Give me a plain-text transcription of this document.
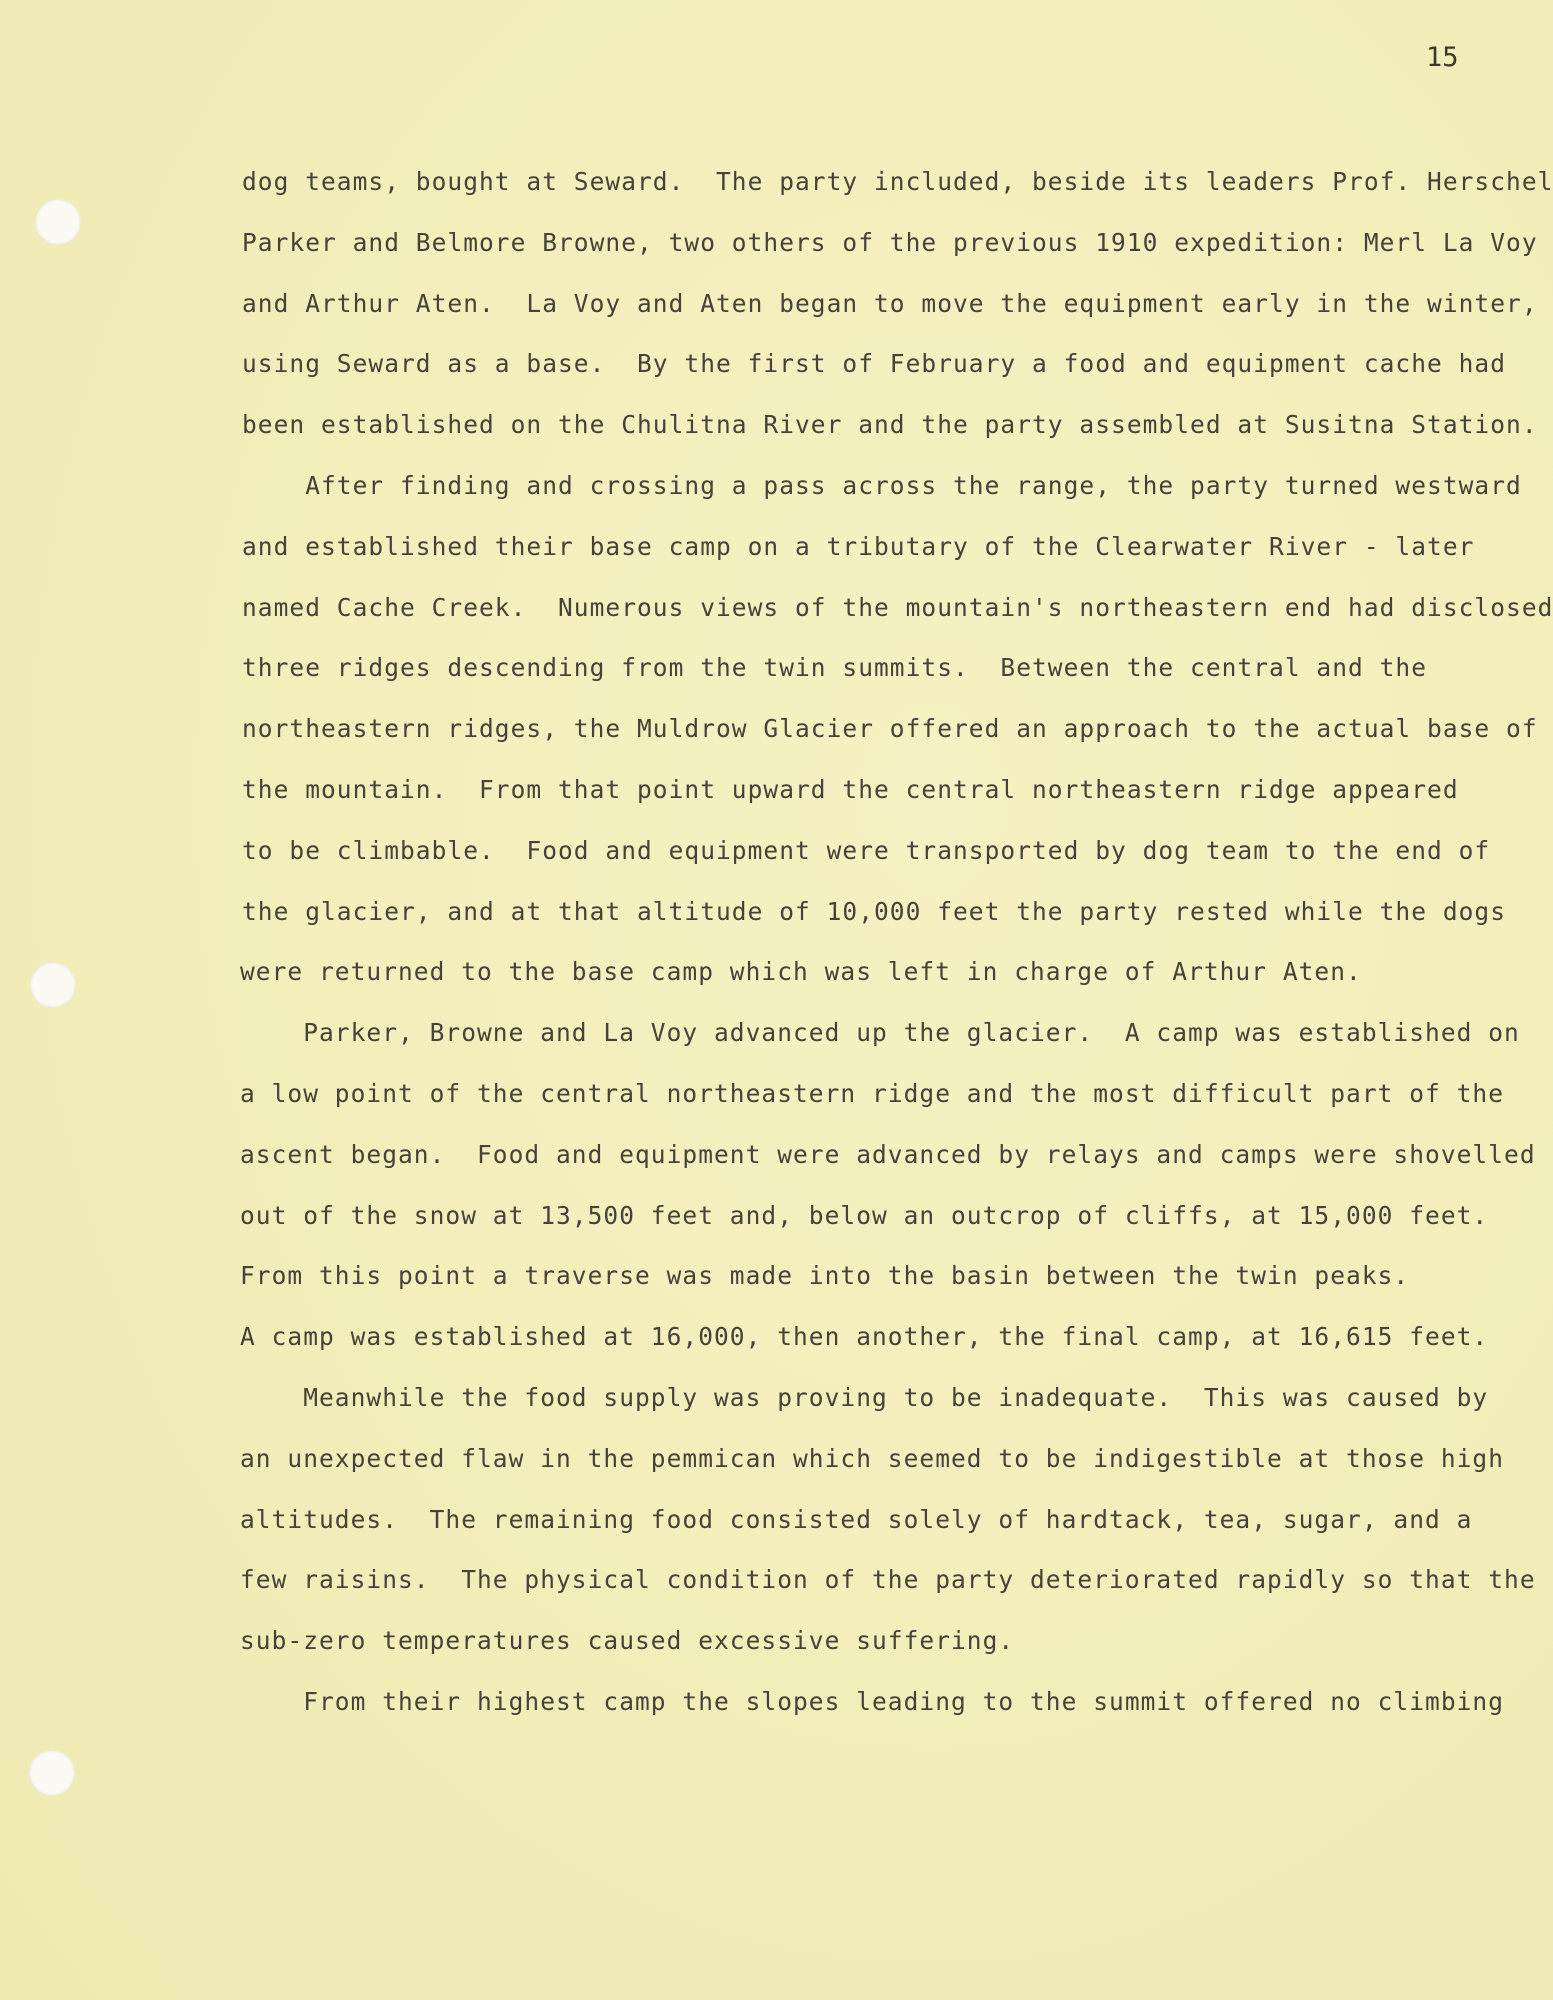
15
dog teams, bought at Seward.  The party included, beside its leaders Prof. Herschel
Parker and Belmore Browne, two others of the previous 1910 expedition: Merl La Voy
and Arthur Aten.  La Voy and Aten began to move the equipment early in the winter,
using Seward as a base.  By the first of February a food and equipment cache had
been established on the Chulitna River and the party assembled at Susitna Station.
After finding and crossing a pass across the range, the party turned westward
and established their base camp on a tributary of the Clearwater River - later
named Cache Creek.  Numerous views of the mountain's northeastern end had disclosed
three ridges descending from the twin summits.  Between the central and the
northeastern ridges, the Muldrow Glacier offered an approach to the actual base of
the mountain.  From that point upward the central northeastern ridge appeared
to be climbable.  Food and equipment were transported by dog team to the end of
the glacier, and at that altitude of 10,000 feet the party rested while the dogs
were returned to the base camp which was left in charge of Arthur Aten.
Parker, Browne and La Voy advanced up the glacier.  A camp was established on
a low point of the central northeastern ridge and the most difficult part of the
ascent began.  Food and equipment were advanced by relays and camps were shovelled
out of the snow at 13,500 feet and, below an outcrop of cliffs, at 15,000 feet.
From this point a traverse was made into the basin between the twin peaks.
A camp was established at 16,000, then another, the final camp, at 16,615 feet.
Meanwhile the food supply was proving to be inadequate.  This was caused by
an unexpected flaw in the pemmican which seemed to be indigestible at those high
altitudes.  The remaining food consisted solely of hardtack, tea, sugar, and a
few raisins.  The physical condition of the party deteriorated rapidly so that the
sub-zero temperatures caused excessive suffering.
From their highest camp the slopes leading to the summit offered no climbing
